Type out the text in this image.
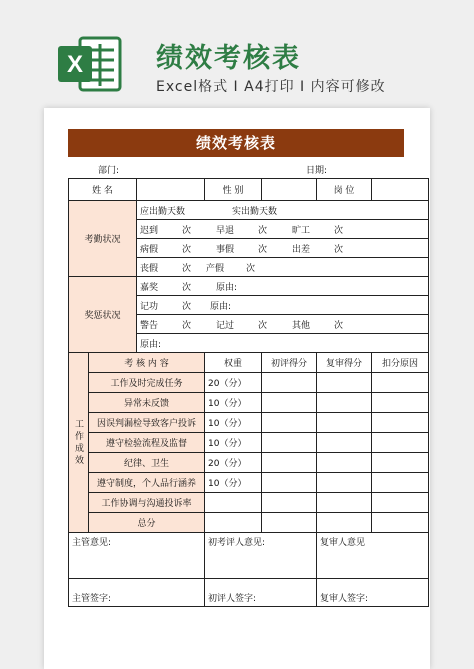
X	绩效考核表
Excel格式 I A4打印 I 内容可修改
绩效考核表
部门:	日期:
姓 名			性 别		岗 位	
考勤状况		应出勤天数 实出勤天数				
		迟到 次 早退 次 旷工 次				
		病假 次 事假 次 出差 次				
		丧假 次 产假 次				
奖惩状况		嘉奖 次 原由:				
		记功 次 原由:				
		警告 次 记过 次 其他 次				
		原由:				

工作成效	考 核 内 容		权重	初评得分	复审得分	扣分原因
	工作及时完成任务		20（分）			
	异常未反馈		10（分）			
	因误判漏检导致客户投诉		10（分）			
	遵守检验流程及监督		10（分）			
	纪律、卫生		20（分）			
	遵守制度，个人品行涵养		10（分）			
	工作协调与沟通投诉率					
	总分					
主管意见:			初考评人意见:		复审人意见	
主管签字:			初评人签字:		复审人签字:	
